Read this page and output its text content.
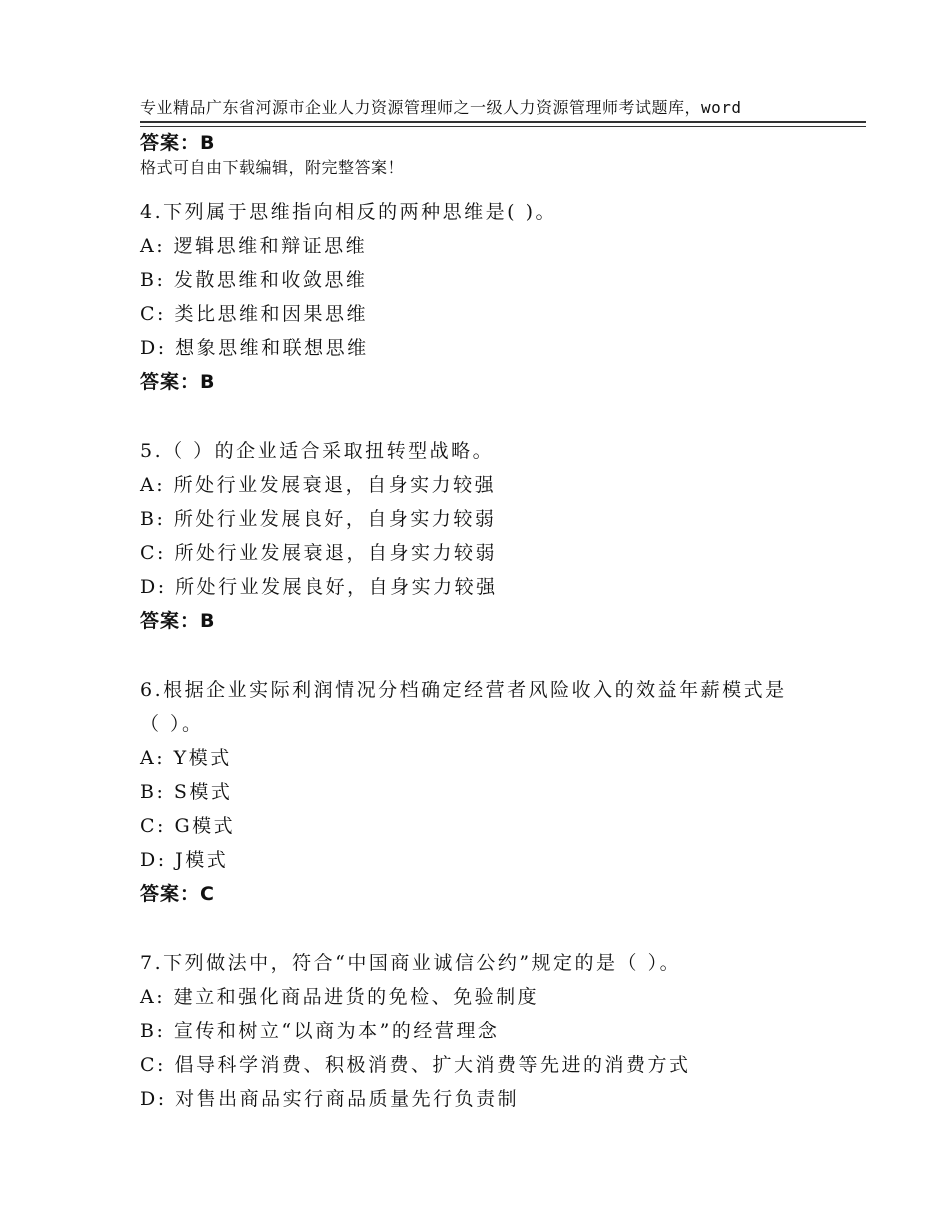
专业精品广东省河源市企业人力资源管理师之一级人力资源管理师考试题库，word

格式可自由下载编辑，附完整答案！

答案：B
4.下列属于思维指向相反的两种思维是( )。
A: 逻辑思维和辩证思维
B: 发散思维和收敛思维
C: 类比思维和因果思维
D: 想象思维和联想思维
答案：B
5.（ ）的企业适合采取扭转型战略。
A: 所处行业发展衰退，自身实力较强
B: 所处行业发展良好，自身实力较弱
C: 所处行业发展衰退，自身实力较弱
D: 所处行业发展良好，自身实力较强
答案：B
6.根据企业实际利润情况分档确定经营者风险收入的效益年薪模式是
（ ）。
A: Y模式
B: S模式
C: G模式
D: J模式
答案：C
7.下列做法中，符合“中国商业诚信公约”规定的是（ ）。
A: 建立和强化商品进货的免检、免验制度
B: 宣传和树立“以商为本”的经营理念
C: 倡导科学消费、积极消费、扩大消费等先进的消费方式
D: 对售出商品实行商品质量先行负责制
